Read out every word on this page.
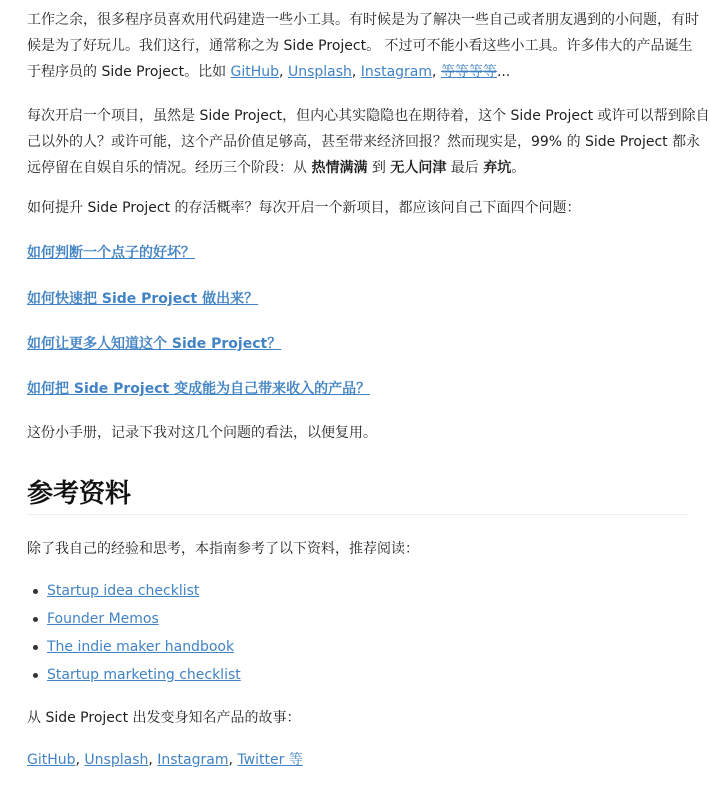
工作之余，很多程序员喜欢用代码建造一些小工具。有时候是为了解决一些自己或者朋友遇到的小问题，有时

候是为了好玩儿。我们这行，通常称之为 Side Project。 不过可不能小看这些小工具。许多伟大的产品诞生

于程序员的 Side Project。比如 GitHub, Unsplash, Instagram, 等等等等...

每次开启一个项目，虽然是 Side Project，但内心其实隐隐也在期待着，这个 Side Project 或许可以帮到除自

己以外的人？或许可能，这个产品价值足够高，甚至带来经济回报？然而现实是，99% 的 Side Project 都永

远停留在自娱自乐的情况。经历三个阶段：从 热情满满 到 无人问津 最后 弃坑。

如何提升 Side Project 的存活概率？每次开启一个新项目，都应该问自己下面四个问题：

如何判断一个点子的好坏？
如何快速把 Side Project 做出来？
如何让更多人知道这个 Side Project？
如何把 Side Project 变成能为自己带来收入的产品？

这份小手册，记录下我对这几个问题的看法，以便复用。

参考资料

除了我自己的经验和思考，本指南参考了以下资料，推荐阅读：

Startup idea checklist
Founder Memos
The indie maker handbook
Startup marketing checklist

从 Side Project 出发变身知名产品的故事：

GitHub, Unsplash, Instagram, Twitter 等
